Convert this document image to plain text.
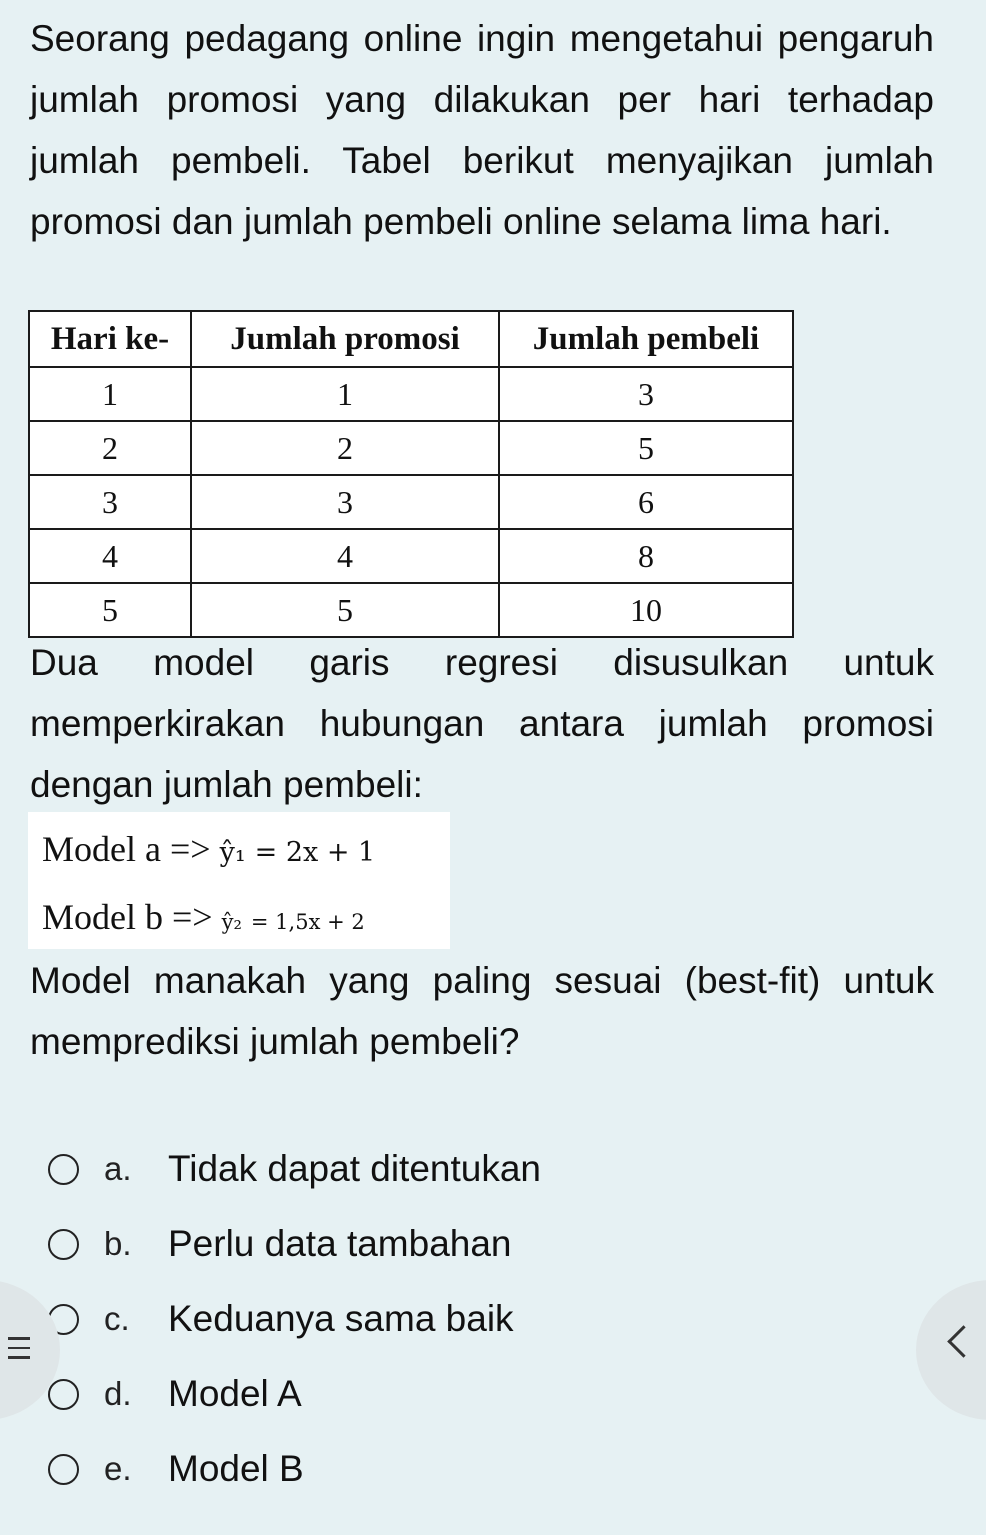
Seorang pedagang online ingin mengetahui pengaruh jumlah promosi yang dilakukan per hari terhadap jumlah pembeli. Tabel berikut menyajikan jumlah promosi dan jumlah pembeli online selama lima hari.

Hari ke-	Jumlah promosi	Jumlah pembeli
1	1	3
2	2	5
3	3	6
4	4	8
5	5	10

Dua model garis regresi disusulkan untuk memperkirakan hubungan antara jumlah promosi dengan jumlah pembeli:

Model a => ŷ₁ = 2x + 1
Model b => ŷ₂ = 1,5x + 2

Model manakah yang paling sesuai (best-fit) untuk memprediksi jumlah pembeli?

a. Tidak dapat ditentukan
b. Perlu data tambahan
c.	Keduanya sama baik
d. Model A
e. Model B
